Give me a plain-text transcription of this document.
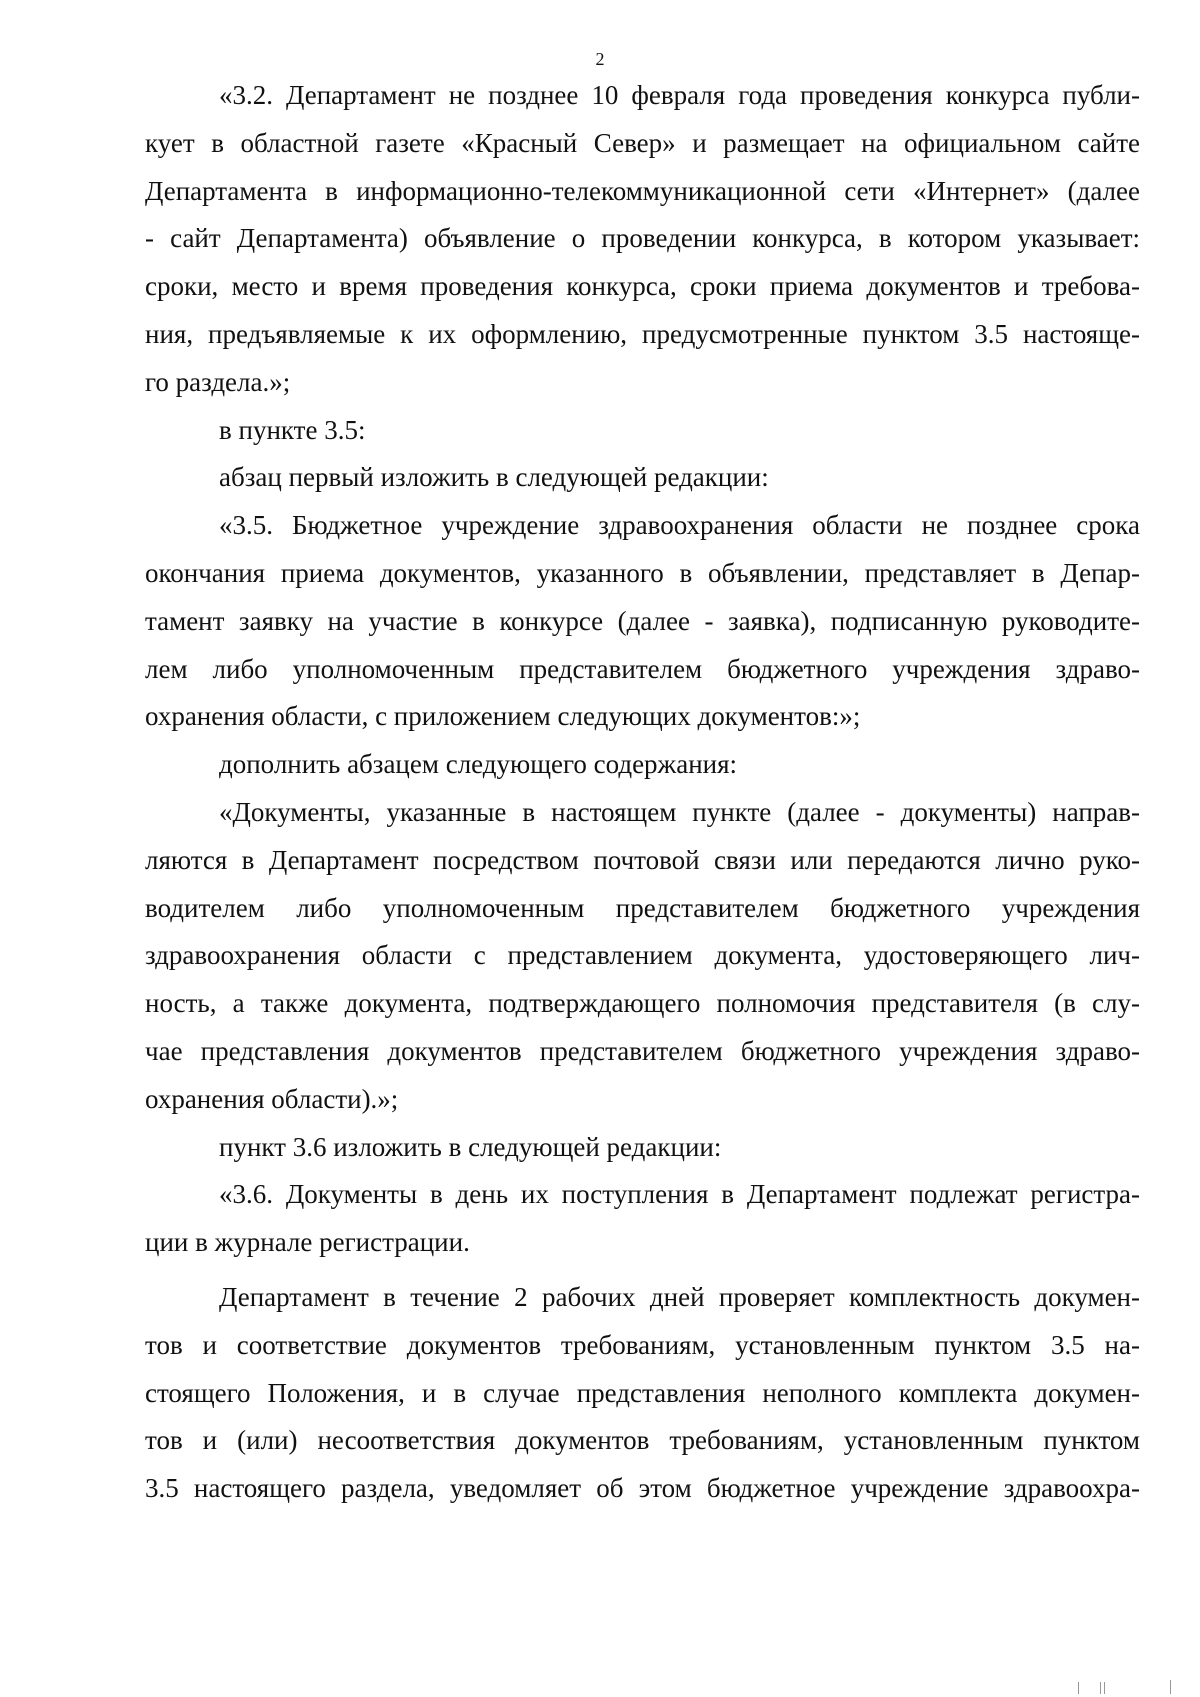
2
«3.2. Департамент не позднее 10 февраля года проведения конкурса публи-
кует в областной газете «Красный Север» и размещает на официальном сайте
Департамента в информационно-телекоммуникационной сети «Интернет» (далее
- сайт Департамента) объявление о проведении конкурса, в котором указывает:
сроки, место и время проведения конкурса, сроки приема документов и требова-
ния, предъявляемые к их оформлению, предусмотренные пунктом 3.5 настояще-
го раздела.»;
в пункте 3.5:
абзац первый изложить в следующей редакции:
«3.5. Бюджетное учреждение здравоохранения области не позднее срока
окончания приема документов, указанного в объявлении, представляет в Депар-
тамент заявку на участие в конкурсе (далее - заявка), подписанную руководите-
лем либо уполномоченным представителем бюджетного учреждения здраво-
охранения области, с приложением следующих документов:»;
дополнить абзацем следующего содержания:
«Документы, указанные в настоящем пункте (далее - документы) направ-
ляются в Департамент посредством почтовой связи или передаются лично руко-
водителем либо уполномоченным представителем бюджетного учреждения
здравоохранения области с представлением документа, удостоверяющего лич-
ность, а также документа, подтверждающего полномочия представителя (в слу-
чае представления документов представителем бюджетного учреждения здраво-
охранения области).»;
пункт 3.6 изложить в следующей редакции:
«3.6. Документы в день их поступления в Департамент подлежат регистра-
ции в журнале регистрации.
Департамент в течение 2 рабочих дней проверяет комплектность докумен-
тов и соответствие документов требованиям, установленным пунктом 3.5 на-
стоящего Положения, и в случае представления неполного комплекта докумен-
тов и (или) несоответствия документов требованиям, установленным пунктом
3.5 настоящего раздела, уведомляет об этом бюджетное учреждение здравоохра-
